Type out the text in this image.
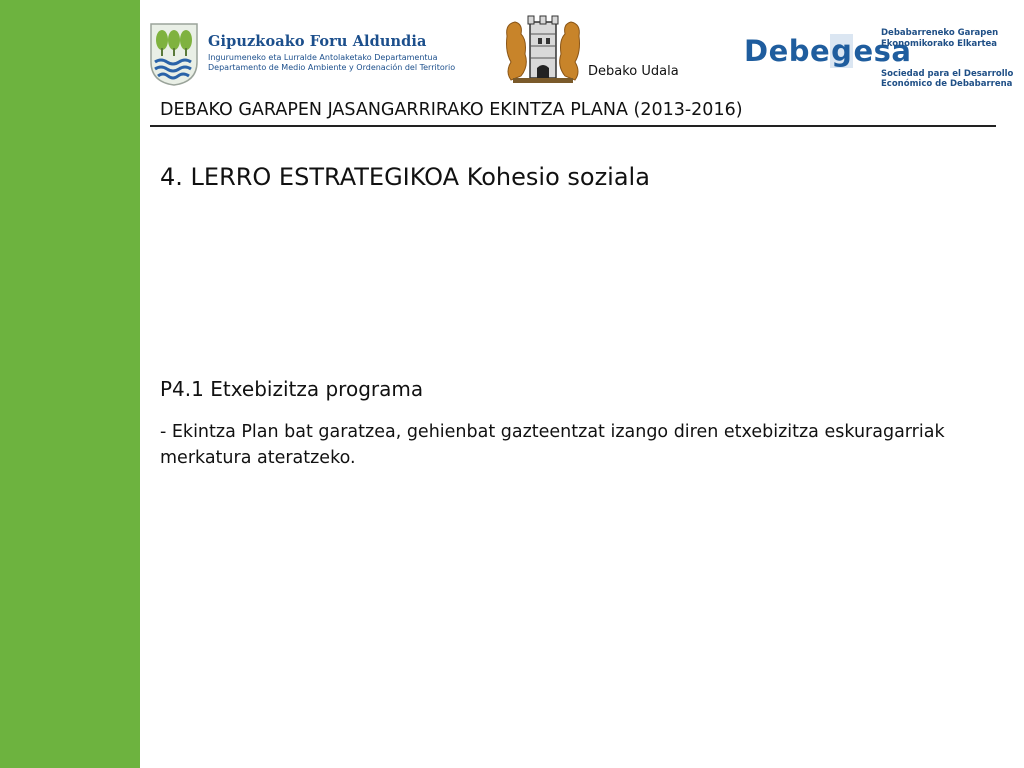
Gipuzkoako Foru Aldundia
Ingurumeneko eta Lurralde Antolaketako Departamentua
Departamento de Medio Ambiente y Ordenación del Territorio	Debako Udala
Debegesa
Debabarreneko Garapen
Ekonomikorako Elkartea
Sociedad para el Desarrollo
Económico de Debabarrena
DEBAKO GARAPEN JASANGARRIRAKO EKINTZA PLANA (2013-2016)
4. LERRO ESTRATEGIKOA Kohesio soziala
P4.1 Etxebizitza programa
- Ekintza Plan bat garatzea, gehienbat gazteentzat izango diren etxebizitza eskuragarriak merkatura ateratzeko.
